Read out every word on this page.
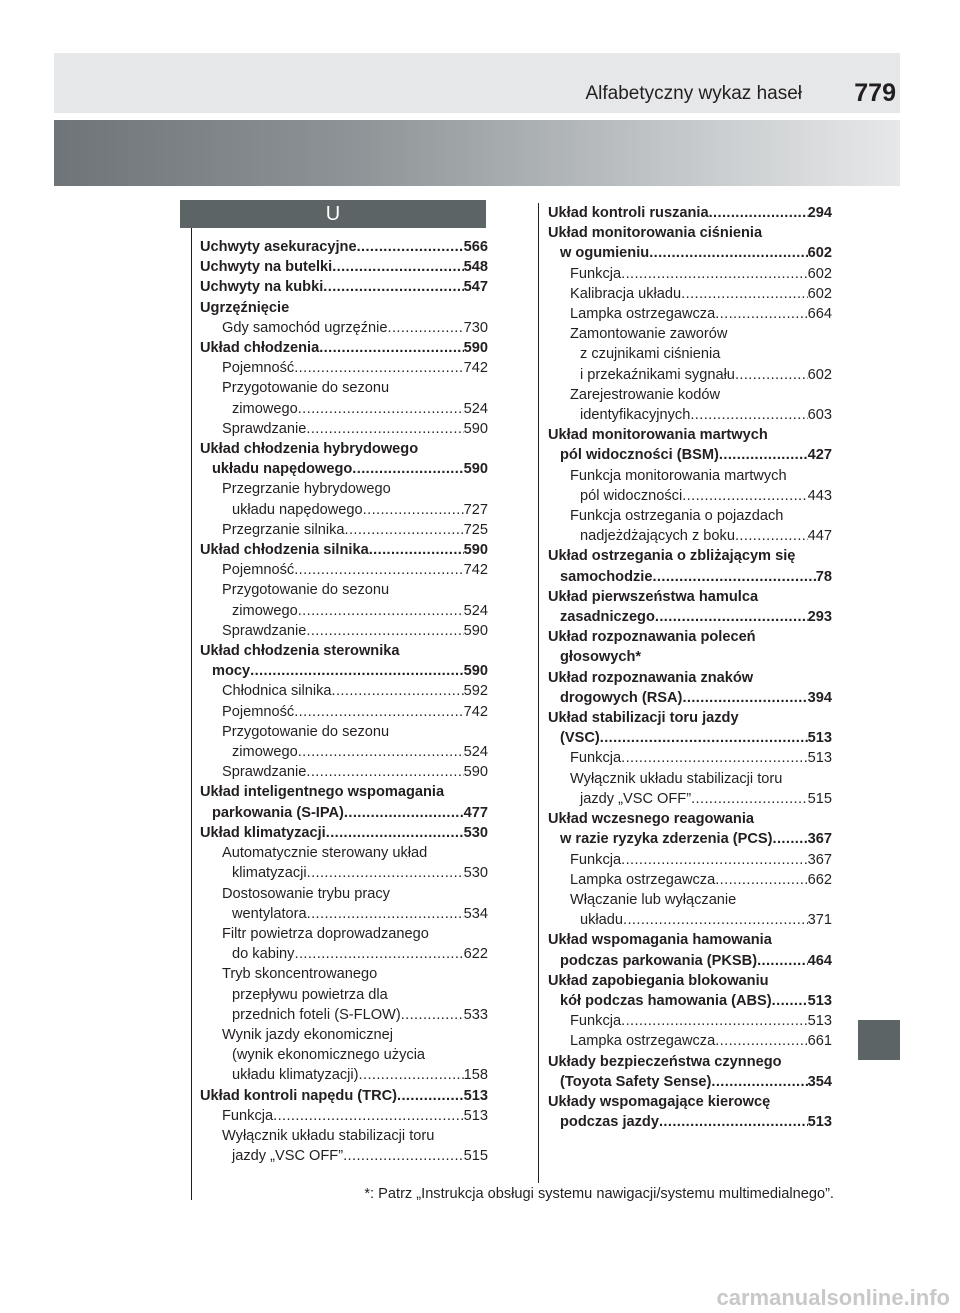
Alfabetyczny wykaz haseł 779
U
Uchwyty asekuracyjne .....	566
Uchwyty na butelki .....	548
Uchwyty na kubki .....	547
Ugrzęźnięcie
Gdy samochód ugrzęźnie .....	730
Układ chłodzenia .....	590
Pojemność .....	742
Przygotowanie do sezonu
zimowego .....	524
Sprawdzanie .....	590
Układ chłodzenia hybrydowego
układu napędowego .....	590
Przegrzanie hybrydowego
układu napędowego .....	727
Przegrzanie silnika .....	725
Układ chłodzenia silnika .....	590
Pojemność .....	742
Przygotowanie do sezonu
zimowego .....	524
Sprawdzanie .....	590
Układ chłodzenia sterownika
mocy .....	590
Chłodnica silnika .....	592
Pojemność .....	742
Przygotowanie do sezonu
zimowego .....	524
Sprawdzanie .....	590
Układ inteligentnego wspomagania
parkowania (S-IPA) .....	477
Układ klimatyzacji .....	530
Automatycznie sterowany układ
klimatyzacji .....	530
Dostosowanie trybu pracy
wentylatora .....	534
Filtr powietrza doprowadzanego
do kabiny .....	622
Tryb skoncentrowanego
przepływu powietrza dla
przednich foteli (S-FLOW) .....	533
Wynik jazdy ekonomicznej
(wynik ekonomicznego użycia
układu klimatyzacji) .....	158
Układ kontroli napędu (TRC) .....	513
Funkcja .....	513
Wyłącznik układu stabilizacji toru
jazdy „VSC OFF” .....	515
Układ kontroli ruszania .....	294
Układ monitorowania ciśnienia
w ogumieniu .....	602
Funkcja .....	602
Kalibracja układu .....	602
Lampka ostrzegawcza .....	664
Zamontowanie zaworów
z czujnikami ciśnienia
i przekaźnikami sygnału .....	602
Zarejestrowanie kodów
identyfikacyjnych .....	603
Układ monitorowania martwych
pól widoczności (BSM) .....	427
Funkcja monitorowania martwych
pól widoczności .....	443
Funkcja ostrzegania o pojazdach
nadjeżdżających z boku .....	447
Układ ostrzegania o zbliżającym się
samochodzie .....	78
Układ pierwszeństwa hamulca
zasadniczego .....	293
Układ rozpoznawania poleceń
głosowych*
Układ rozpoznawania znaków
drogowych (RSA) .....	394
Układ stabilizacji toru jazdy
(VSC) .....	513
Funkcja .....	513
Wyłącznik układu stabilizacji toru
jazdy „VSC OFF” .....	515
Układ wczesnego reagowania
w razie ryzyka zderzenia (PCS) ..... 367
Funkcja .....	367
Lampka ostrzegawcza .....	662
Włączanie lub wyłączanie
układu .....	371
Układ wspomagania hamowania
podczas parkowania (PKSB) .....	464
Układ zapobiegania blokowaniu
kół podczas hamowania (ABS) ..... 513
Funkcja .....	513
Lampka ostrzegawcza .....	661
Układy bezpieczeństwa czynnego
(Toyota Safety Sense) .....	354
Układy wspomagające kierowcę
podczas jazdy .....	513
*: Patrz „Instrukcja obsługi systemu nawigacji/systemu multimedialnego”.
carmanualsonline.info
